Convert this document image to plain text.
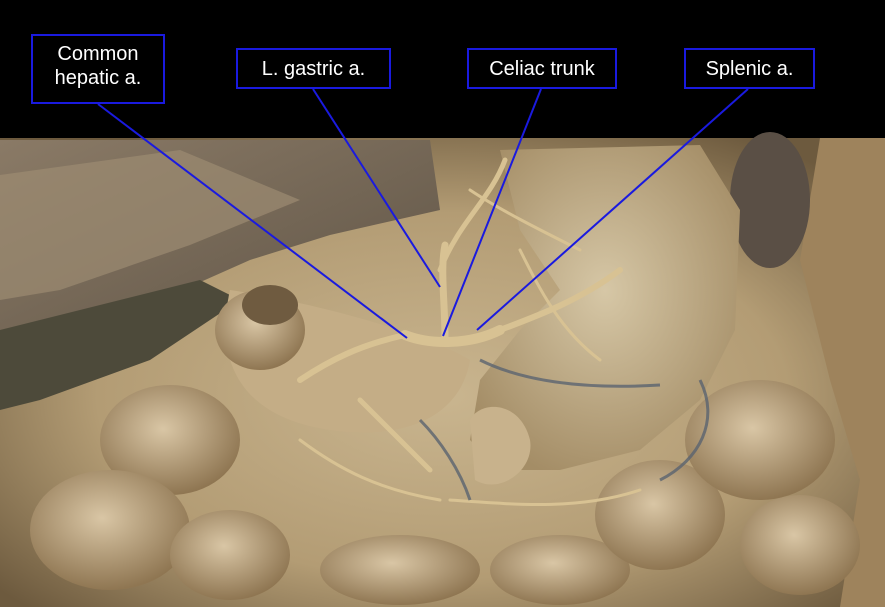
Common
hepatic a.	L. gastric a.	Celiac trunk	Splenic a.
